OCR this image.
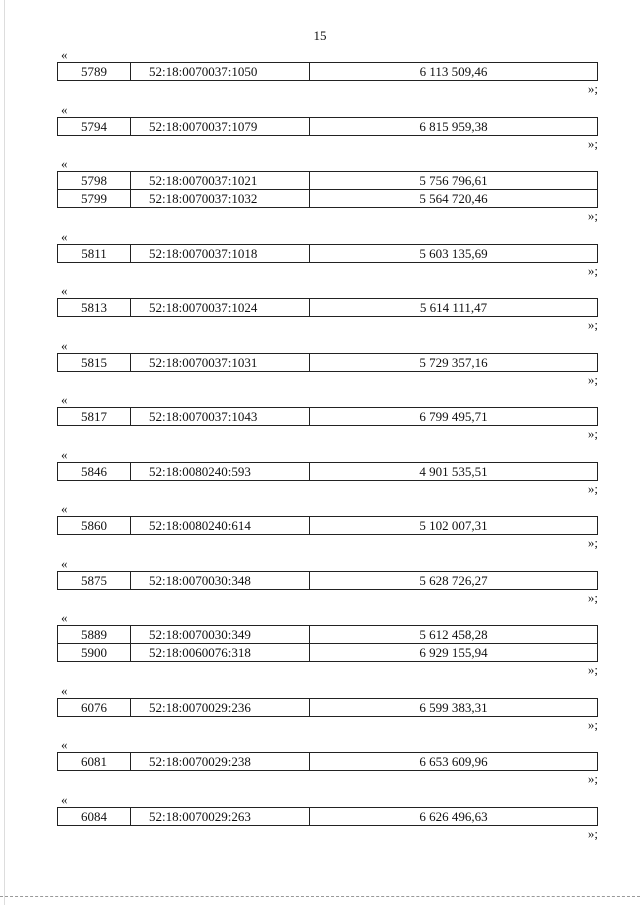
15
«
5789	52:18:0070037:1050	6 113 509,46
»;
«
5794	52:18:0070037:1079	6 815 959,38
»;
«
5798	52:18:0070037:1021	5 756 796,61
5799	52:18:0070037:1032	5 564 720,46
»;
«
5811	52:18:0070037:1018	5 603 135,69
»;
«
5813	52:18:0070037:1024	5 614 111,47
»;
«
5815	52:18:0070037:1031	5 729 357,16
»;
«
5817	52:18:0070037:1043	6 799 495,71
»;
«
5846	52:18:0080240:593	4 901 535,51
»;
«
5860	52:18:0080240:614	5 102 007,31
»;
«
5875	52:18:0070030:348	5 628 726,27
»;
«
5889	52:18:0070030:349	5 612 458,28
5900	52:18:0060076:318	6 929 155,94
»;
«
6076	52:18:0070029:236	6 599 383,31
»;
«
6081	52:18:0070029:238	6 653 609,96
»;
«
6084	52:18:0070029:263	6 626 496,63
»;
